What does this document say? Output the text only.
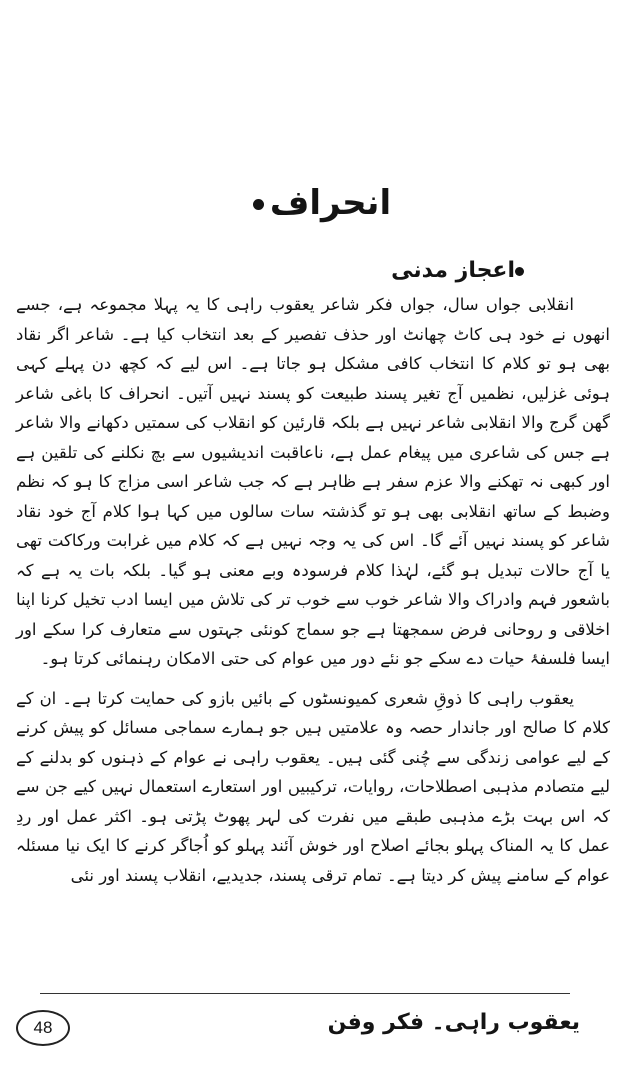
انحراف
اعجاز مدنی

انقلابی جواں سال، جواں فکر شاعر یعقوب راہی کا یہ پہلا مجموعہ ہے، جسے انھوں نے خود ہی کاٹ چھانٹ اور حذف تفصیر کے بعد انتخاب کیا ہے۔ شاعر اگر نقاد بھی ہو تو کلام کا انتخاب کافی مشکل ہو جاتا ہے۔ اس لیے کہ کچھ دن پہلے کہی ہوئی غزلیں، نظمیں آج تغیر پسند طبیعت کو پسند نہیں آتیں۔ انحراف کا باغی شاعر گھن گرج والا انقلابی شاعر نہیں ہے بلکہ قارئین کو انقلاب کی سمتیں دکھانے والا شاعر ہے جس کی شاعری میں پیغام عمل ہے، ناعاقبت اندیشیوں سے بچ نکلنے کی تلقین ہے اور کبھی نہ تھکنے والا عزم سفر ہے ظاہر ہے کہ جب شاعر اسی مزاج کا ہو کہ نظم وضبط کے ساتھ انقلابی بھی ہو تو گذشتہ سات سالوں میں کہا ہوا کلام آج خود نقاد شاعر کو پسند نہیں آئے گا۔ اس کی یہ وجہ نہیں ہے کہ کلام میں غرابت ورکاکت تھی یا آج حالات تبدیل ہو گئے، لہٰذا کلام فرسودہ وبے معنی ہو گیا۔ بلکہ بات یہ ہے کہ باشعور فہم وادراک والا شاعر خوب سے خوب تر کی تلاش میں ایسا ادب تخیل کرنا اپنا اخلاقی و روحانی فرض سمجھتا ہے جو سماج کونئی جہتوں سے متعارف کرا سکے اور ایسا فلسفۂ حیات دے سکے جو نئے دور میں عوام کی حتی الامکان رہنمائی کرتا ہو۔

یعقوب راہی کا ذوقِ شعری کمیونسٹوں کے بائیں بازو کی حمایت کرتا ہے۔ ان کے کلام کا صالح اور جاندار حصہ وہ علامتیں ہیں جو ہمارے سماجی مسائل کو پیش کرنے کے لیے عوامی زندگی سے چُنی گئی ہیں۔ یعقوب راہی نے عوام کے ذہنوں کو بدلنے کے لیے متصادم مذہبی اصطلاحات، روایات، ترکیبیں اور استعارے استعمال نہیں کیے جن سے کہ اس بہت بڑے مذہبی طبقے میں نفرت کی لہر پھوٹ پڑتی ہو۔ اکثر عمل اور ردِ عمل کا یہ المناک پہلو بجائے اصلاح اور خوش آئند پہلو کو اُجاگر کرنے کا ایک نیا مسئلہ عوام کے سامنے پیش کر دیتا ہے۔ تمام ترقی پسند، جدیدیے، انقلاب پسند اور نئی

48	یعقوب راہی۔ فکر وفن
